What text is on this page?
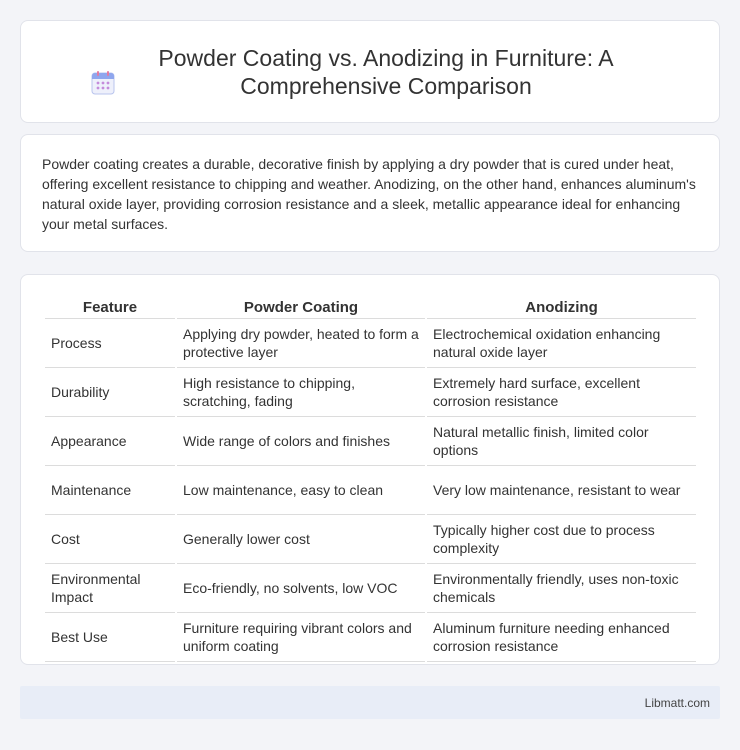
Powder Coating vs. Anodizing in Furniture: A Comprehensive Comparison

Powder coating creates a durable, decorative finish by applying a dry powder that is cured under heat, offering excellent resistance to chipping and weather. Anodizing, on the other hand, enhances aluminum's natural oxide layer, providing corrosion resistance and a sleek, metallic appearance ideal for enhancing your metal surfaces.

Feature	Powder Coating	Anodizing
Process	Applying dry powder, heated to form a protective layer	Electrochemical oxidation enhancing natural oxide layer
Durability	High resistance to chipping, scratching, fading	Extremely hard surface, excellent corrosion resistance
Appearance	Wide range of colors and finishes	Natural metallic finish, limited color options
Maintenance	Low maintenance, easy to clean	Very low maintenance, resistant to wear
Cost	Generally lower cost	Typically higher cost due to process complexity
Environmental Impact	Eco-friendly, no solvents, low VOC	Environmentally friendly, uses non-toxic chemicals
Best Use	Furniture requiring vibrant colors and uniform coating	Aluminum furniture needing enhanced corrosion resistance
Libmatt.com
